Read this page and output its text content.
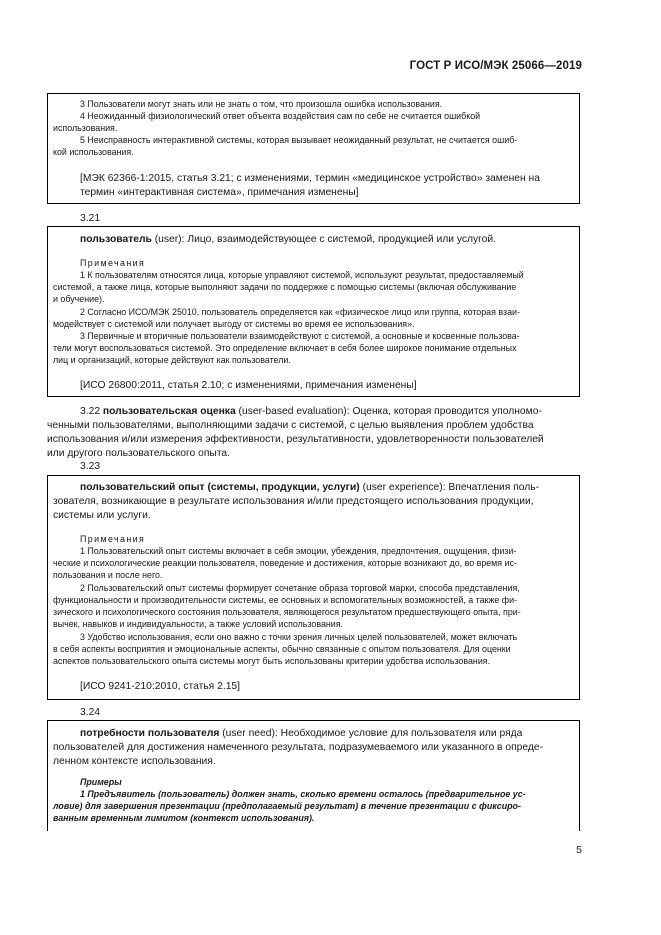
ГОСТ Р ИСО/МЭК 25066—2019
3 Пользователи могут знать или не знать о том, что произошла ошибка использования.
4 Неожиданный физиологический ответ объекта воздействия сам по себе не считается ошибкой
использования.
5 Неисправность интерактивной системы, которая вызывает неожиданный результат, не считается ошиб-
кой использования.
[МЭК 62366-1:2015, статья 3.21; с изменениями, термин «медицинское устройство» заменен на
термин «интерактивная система», примечания изменены]
3.21
пользователь (user): Лицо, взаимодействующее с системой, продукцией или услугой.
Примечания
1 К пользователям относятся лица, которые управляют системой, используют результат, предоставляемый
системой, а также лица, которые выполняют задачи по поддержке с помощью системы (включая обслуживание
и обучение).
2 Согласно ИСО/МЭК 25010, пользователь определяется как «физическое лицо или группа, которая взаи-
модействует с системой или получает выгоду от системы во время ее использования».
3 Первичные и вторичные пользователи взаимодействуют с системой, а основные и косвенные пользова-
тели могут воспользоваться системой. Это определение включает в себя более широкое понимание отдельных
лиц и организаций, которые действуют как пользователи.
[ИСО 26800:2011, статья 2.10; с изменениями, примечания изменены]
3.22 пользовательская оценка (user-based evaluation): Оценка, которая проводится уполномо-
ченными пользователями, выполняющими задачи с системой, с целью выявления проблем удобства
использования и/или измерения эффективности, результативности, удовлетворенности пользователей
или другого пользовательского опыта.
3.23
пользовательский опыт (системы, продукции, услуги) (user experience): Впечатления поль-
зователя, возникающие в результате использования и/или предстоящего использования продукции,
системы или услуги.
Примечания
1 Пользовательский опыт системы включает в себя эмоции, убеждения, предпочтения, ощущения, физи-
ческие и психологические реакции пользователя, поведение и достижения, которые возникают до, во время ис-
пользования и после него.
2 Пользовательский опыт системы формирует сочетание образа торговой марки, способа представления,
функциональности и производительности системы, ее основных и вспомогательных возможностей, а также фи-
зического и психологического состояния пользователя, являющегося результатом предшествующего опыта, при-
вычек, навыков и индивидуальности, а также условий использования.
3 Удобство использования, если оно важно с точки зрения личных целей пользователей, может включать
в себя аспекты восприятия и эмоциональные аспекты, обычно связанные с опытом пользователя. Для оценки
аспектов пользовательского опыта системы могут быть использованы критерии удобства использования.
[ИСО 9241-210:2010, статья 2.15]
3.24
потребности пользователя (user need): Необходимое условие для пользователя или ряда
пользователей для достижения намеченного результата, подразумеваемого или указанного в опреде-
ленном контексте использования.
Примеры
1 Предъявитель (пользователь) должен знать, сколько времени осталось (предварительное ус-
ловие) для завершения презентации (предполагаемый результат) в течение презентации с фиксиро-
ванным временным лимитом (контекст использования).
5
